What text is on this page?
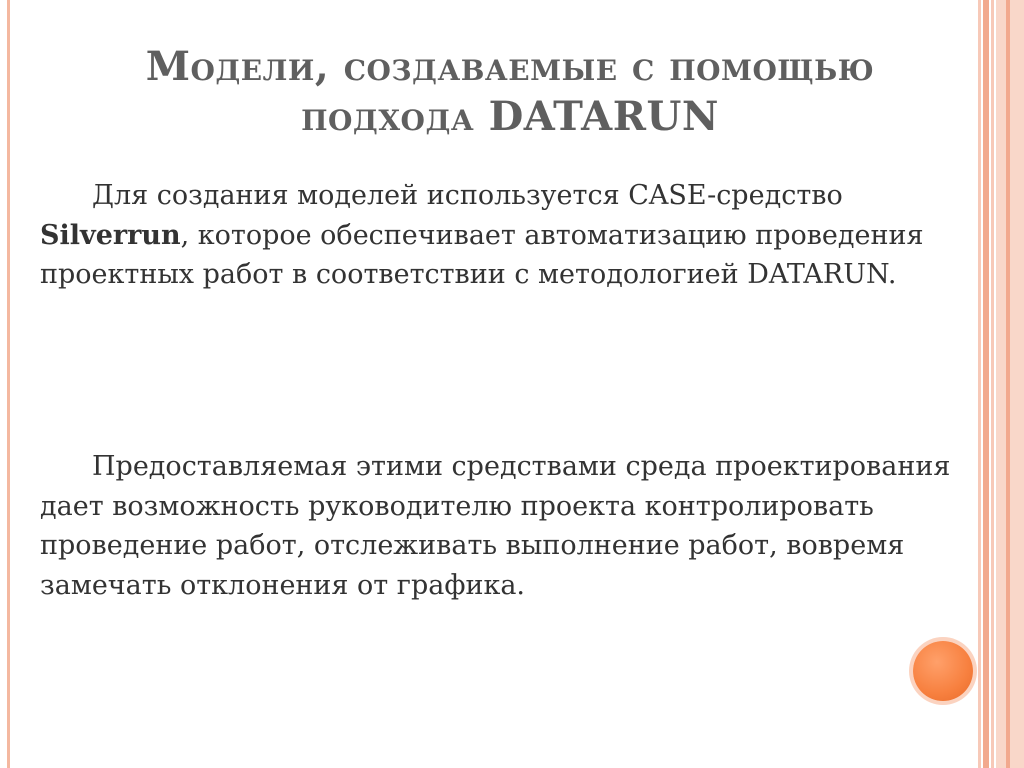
Модели, создаваемые с помощью
подхода DATARUN

Для создания моделей используется CASE-средство Silverrun, которое обеспечивает автоматизацию проведения проектных работ в соответствии с методологией DATARUN.

Предоставляемая этими средствами среда проектирования дает возможность руководителю проекта контролировать проведение работ, отслеживать выполнение работ, вовремя замечать отклонения от графика.
